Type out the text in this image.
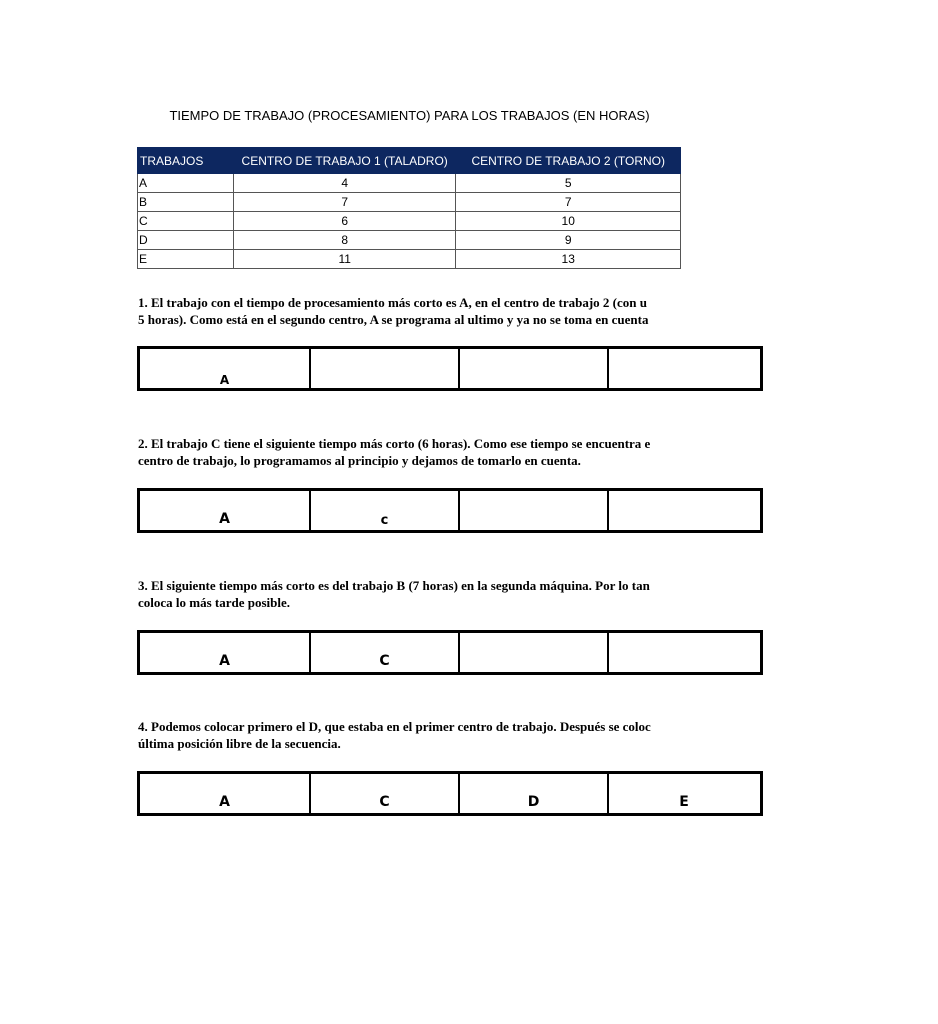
TIEMPO DE TRABAJO (PROCESAMIENTO) PARA LOS TRABAJOS (EN HORAS)
TRABAJOS	CENTRO DE TRABAJO 1 (TALADRO)	CENTRO DE TRABAJO 2 (TORNO)
A	4	5
B	7	7
C	6	10
D	8	9
E	11	13
1. El trabajo con el tiempo de procesamiento más corto es A, en el centro de trabajo 2 (con u
5 horas). Como está en el segundo centro, A se programa al ultimo y ya no se toma en cuenta
A
2. El trabajo C tiene el siguiente tiempo más corto (6 horas). Como ese tiempo se encuentra e
centro de trabajo, lo programamos al principio y dejamos de tomarlo en cuenta.
A	c
3. El siguiente tiempo más corto es del trabajo B (7 horas) en la segunda máquina. Por lo tan
coloca lo más tarde posible.
A	C
4. Podemos colocar primero el D, que estaba en el primer centro de trabajo. Después se coloc
última posición libre de la secuencia.
A	C	D	E
